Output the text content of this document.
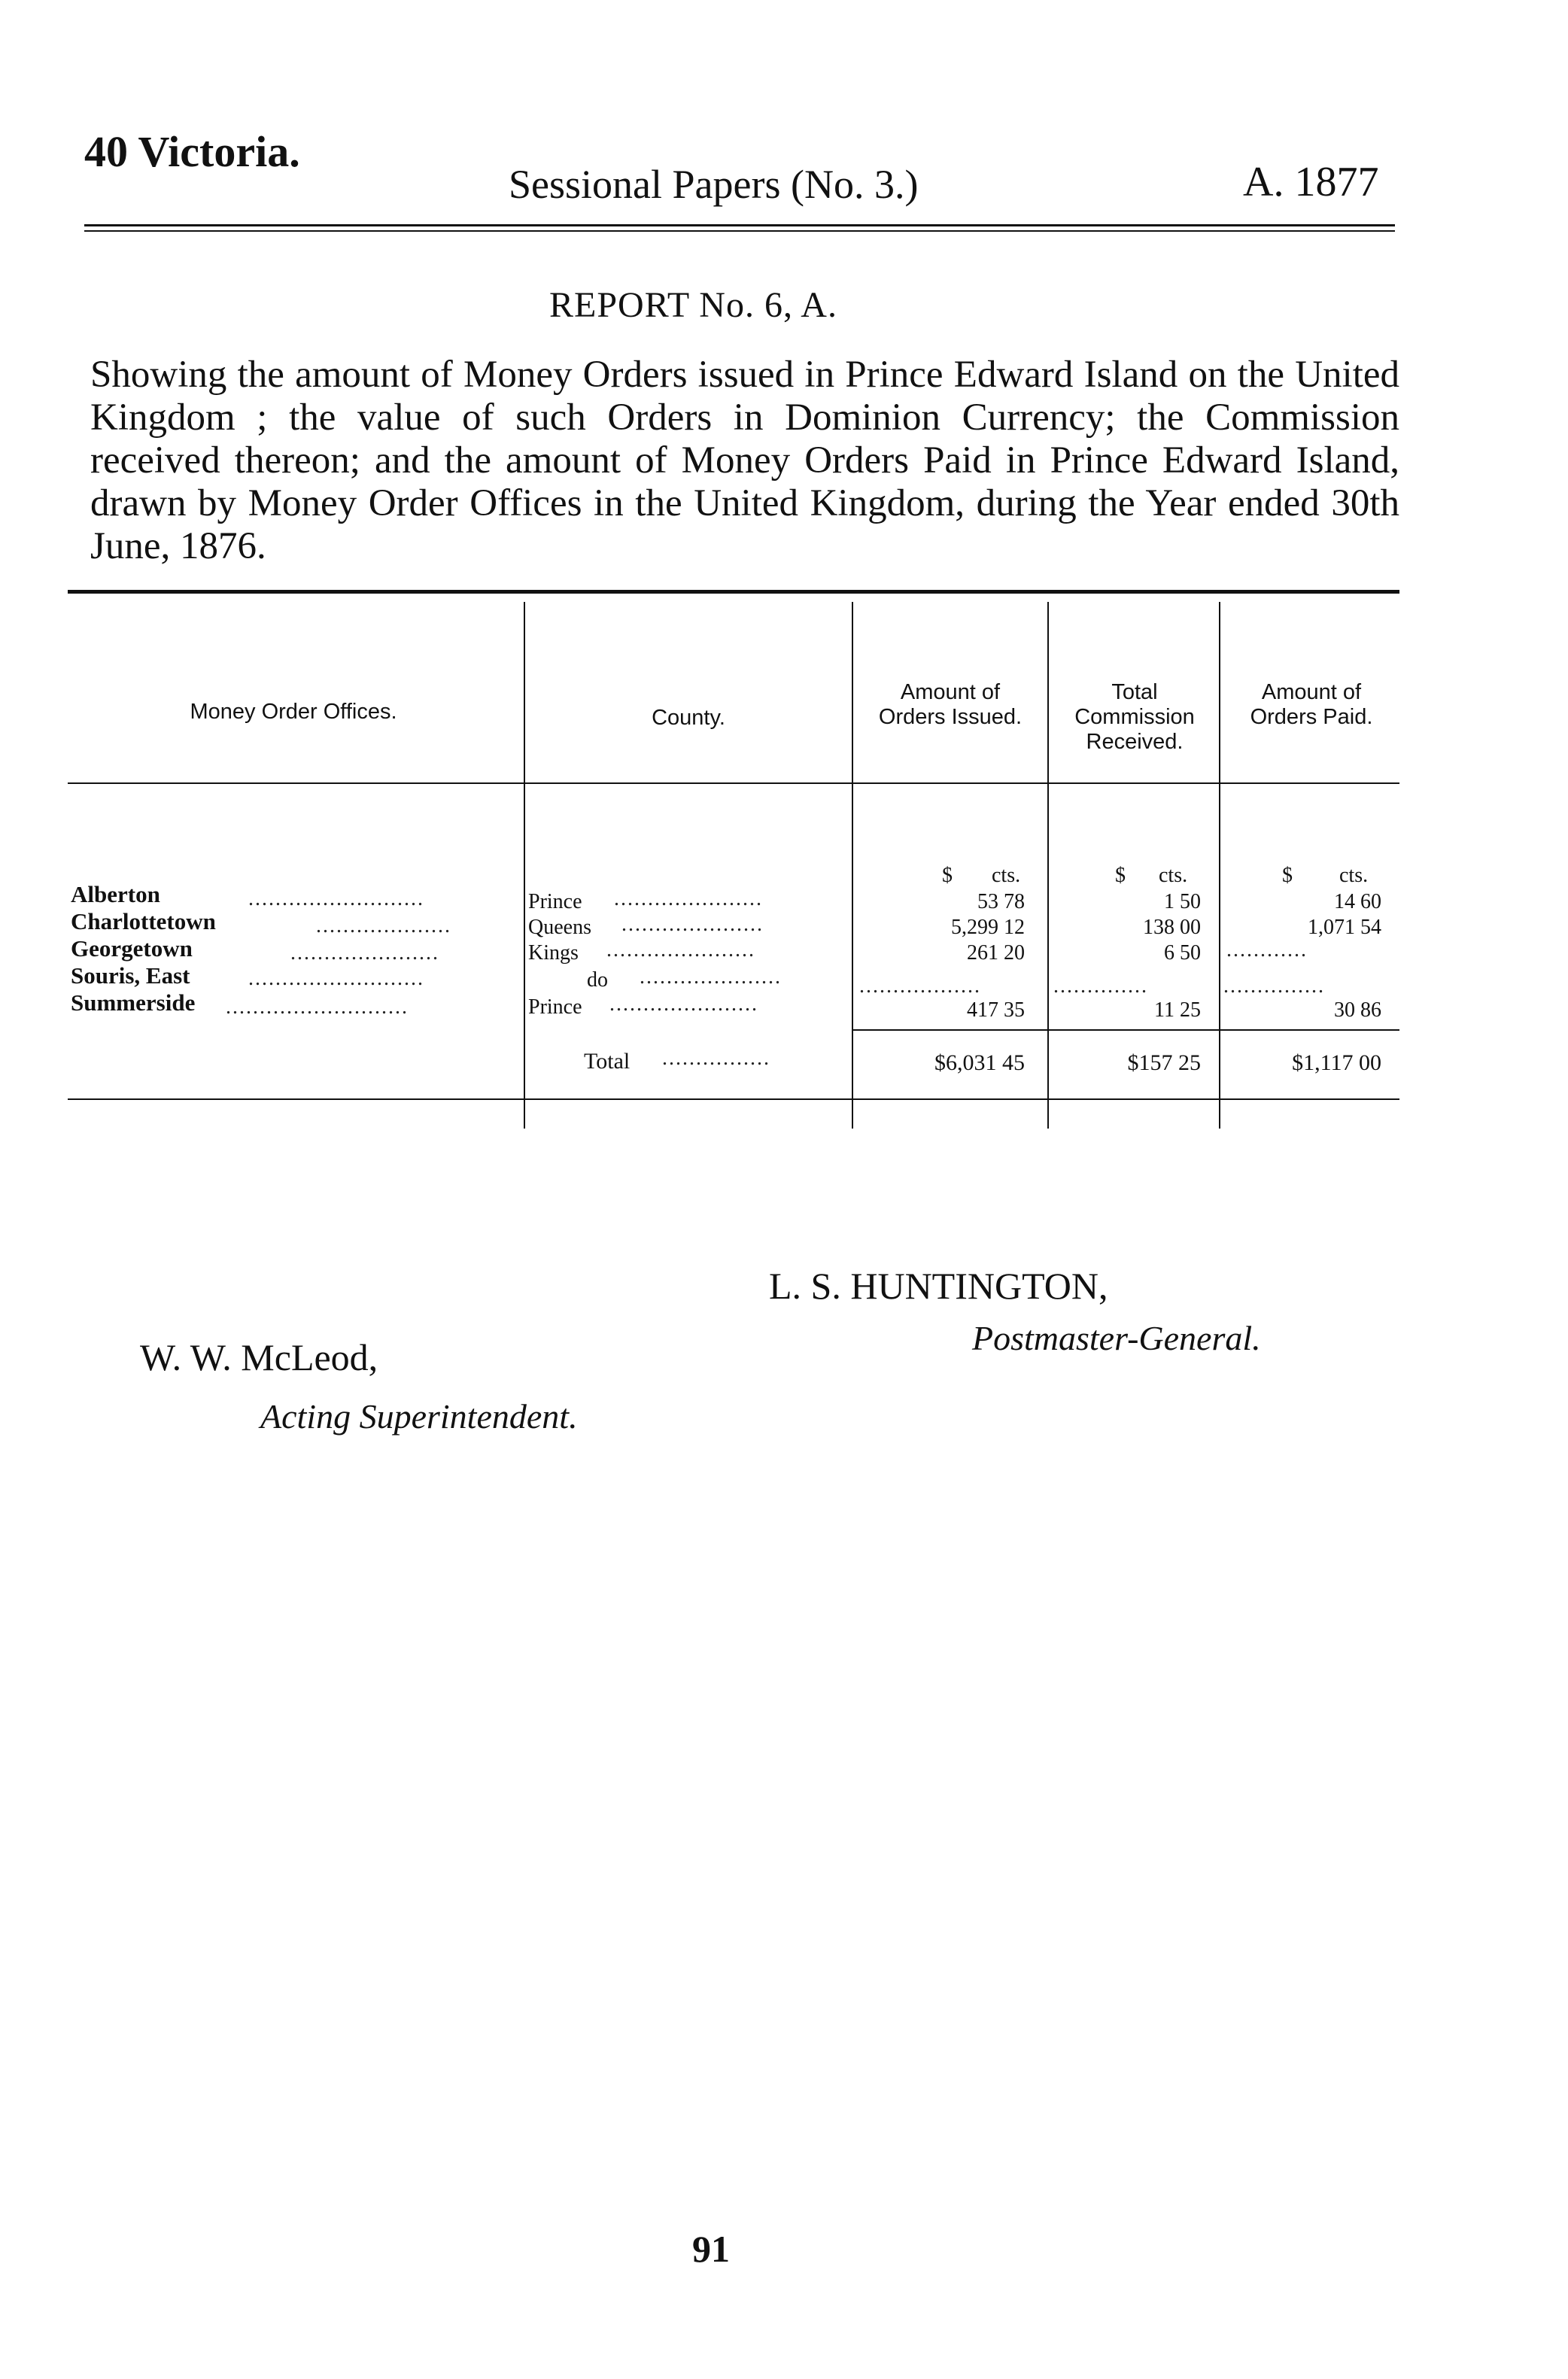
40 Victoria.
Sessional Papers (No. 3.)	A. 1877
REPORT No. 6, A.
Showing the amount of Money Orders issued in Prince Edward Island on the United Kingdom ; the value of such Orders in Dominion Currency; the Commission received thereon; and the amount of Money Orders Paid in Prince Edward Island, drawn by Money Order Offices in the United Kingdom, during the Year ended 30th June, 1876.
Money Order Offices.	County.
Amount of Orders Issued.
Total Commission Received.
Amount of Orders Paid.
$ cts.	$ cts.	$ cts.
Alberton	..........................	Prince ......................	53 78	1 50	14 60
Charlottetown	....................	Queens .....................	5,299 12	138 00	1,071 54
Georgetown	......................	Kings ......................	261 20	6 50 ............
Souris, East	..........................	do .....................	..................	..............	...............
Summerside ...........................	Prince ......................	417 35	11 25	30 86
Total ................	$6,031 45	$157 25	$1,117 00
L. S. HUNTINGTON,
Postmaster-General.
W. W. McLeod,
Acting Superintendent.
91
